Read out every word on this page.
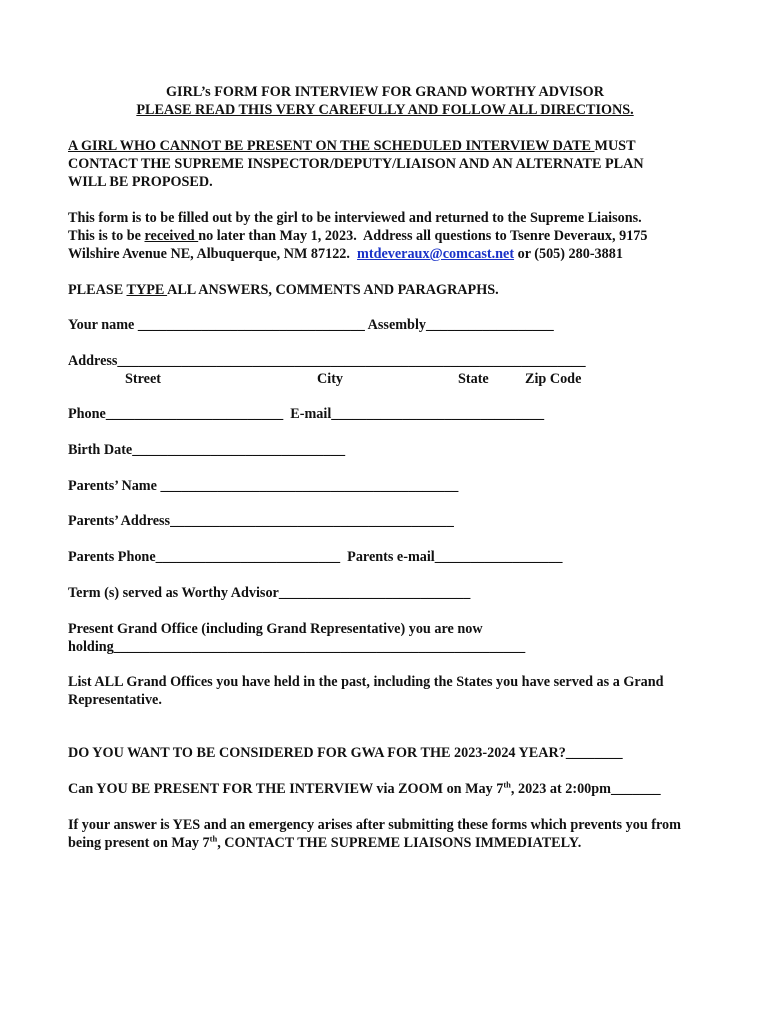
GIRL’s FORM FOR INTERVIEW FOR GRAND WORTHY ADVISOR
PLEASE READ THIS VERY CAREFULLY AND FOLLOW ALL DIRECTIONS.
A GIRL WHO CANNOT BE PRESENT ON THE SCHEDULED INTERVIEW DATE MUST
CONTACT THE SUPREME INSPECTOR/DEPUTY/LIAISON AND AN ALTERNATE PLAN
WILL BE PROPOSED.
This form is to be filled out by the girl to be interviewed and returned to the Supreme Liaisons.
This is to be received no later than May 1, 2023.  Address all questions to Tsenre Deveraux, 9175
Wilshire Avenue NE, Albuquerque, NM 87122.  mtdeveraux@comcast.net or (505) 280-3881
PLEASE TYPE ALL ANSWERS, COMMENTS AND PARAGRAPHS.
Your name ________________________________ Assembly__________________
Address__________________________________________________________________
Street	City	State	Zip Code
Phone_________________________  E-mail______________________________
Birth Date______________________________
Parents’ Name __________________________________________
Parents’ Address________________________________________
Parents Phone__________________________  Parents e-mail__________________
Term (s) served as Worthy Advisor___________________________
Present Grand Office (including Grand Representative) you are now
holding__________________________________________________________
List ALL Grand Offices you have held in the past, including the States you have served as a Grand
Representative.
DO YOU WANT TO BE CONSIDERED FOR GWA FOR THE 2023-2024 YEAR?________
Can YOU BE PRESENT FOR THE INTERVIEW via ZOOM on May 7th, 2023 at 2:00pm_______
If your answer is YES and an emergency arises after submitting these forms which prevents you from
being present on May 7th, CONTACT THE SUPREME LIAISONS IMMEDIATELY.
